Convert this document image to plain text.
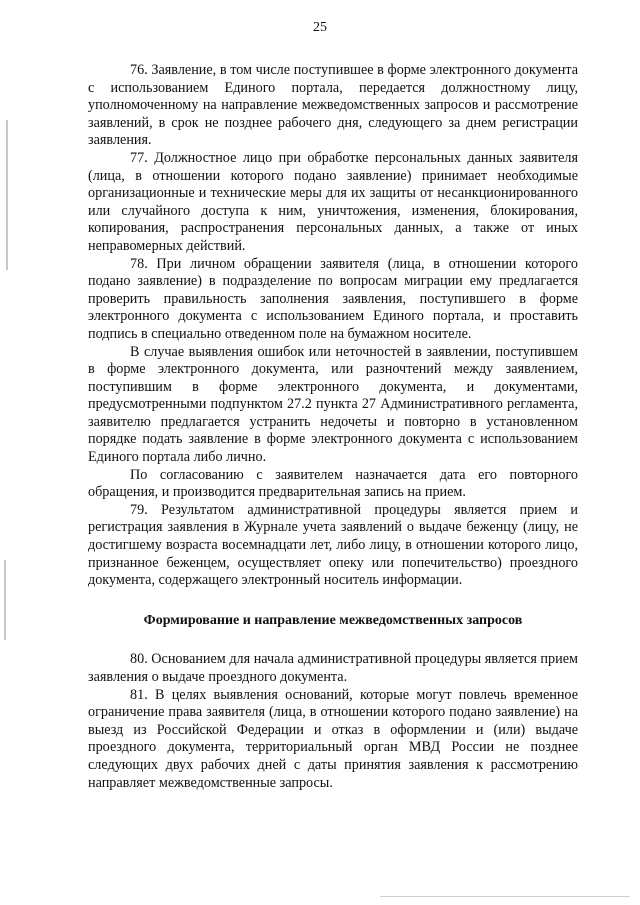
25

76. Заявление, в том числе поступившее в форме электронного документа с использованием Единого портала, передается должностному лицу, уполномоченному на направление межведомственных запросов и рассмотрение заявлений, в срок не позднее рабочего дня, следующего за днем регистрации заявления.

77. Должностное лицо при обработке персональных данных заявителя (лица, в отношении которого подано заявление) принимает необходимые организационные и технические меры для их защиты от несанкционированного или случайного доступа к ним, уничтожения, изменения, блокирования, копирования, распространения персональных данных, а также от иных неправомерных действий.

78. При личном обращении заявителя (лица, в отношении которого подано заявление) в подразделение по вопросам миграции ему предлагается проверить правильность заполнения заявления, поступившего в форме электронного документа с использованием Единого портала, и проставить подпись в специально отведенном поле на бумажном носителе.

В случае выявления ошибок или неточностей в заявлении, поступившем в форме электронного документа, или разночтений между заявлением, поступившим в форме электронного документа, и документами, предусмотренными подпунктом 27.2 пункта 27 Административного регламента, заявителю предлагается устранить недочеты и повторно в установленном порядке подать заявление в форме электронного документа с использованием Единого портала либо лично.

По согласованию с заявителем назначается дата его повторного обращения, и производится предварительная запись на прием.

79. Результатом административной процедуры является прием и регистрация заявления в Журнале учета заявлений о выдаче беженцу (лицу, не достигшему возраста восемнадцати лет, либо лицу, в отношении которого лицо, признанное беженцем, осуществляет опеку или попечительство) проездного документа, содержащего электронный носитель информации.

Формирование и направление межведомственных запросов

80. Основанием для начала административной процедуры является прием заявления о выдаче проездного документа.

81. В целях выявления оснований, которые могут повлечь временное ограничение права заявителя (лица, в отношении которого подано заявление) на выезд из Российской Федерации и отказ в оформлении и (или) выдаче проездного документа, территориальный орган МВД России не позднее следующих двух рабочих дней с даты принятия заявления к рассмотрению направляет межведомственные запросы.
